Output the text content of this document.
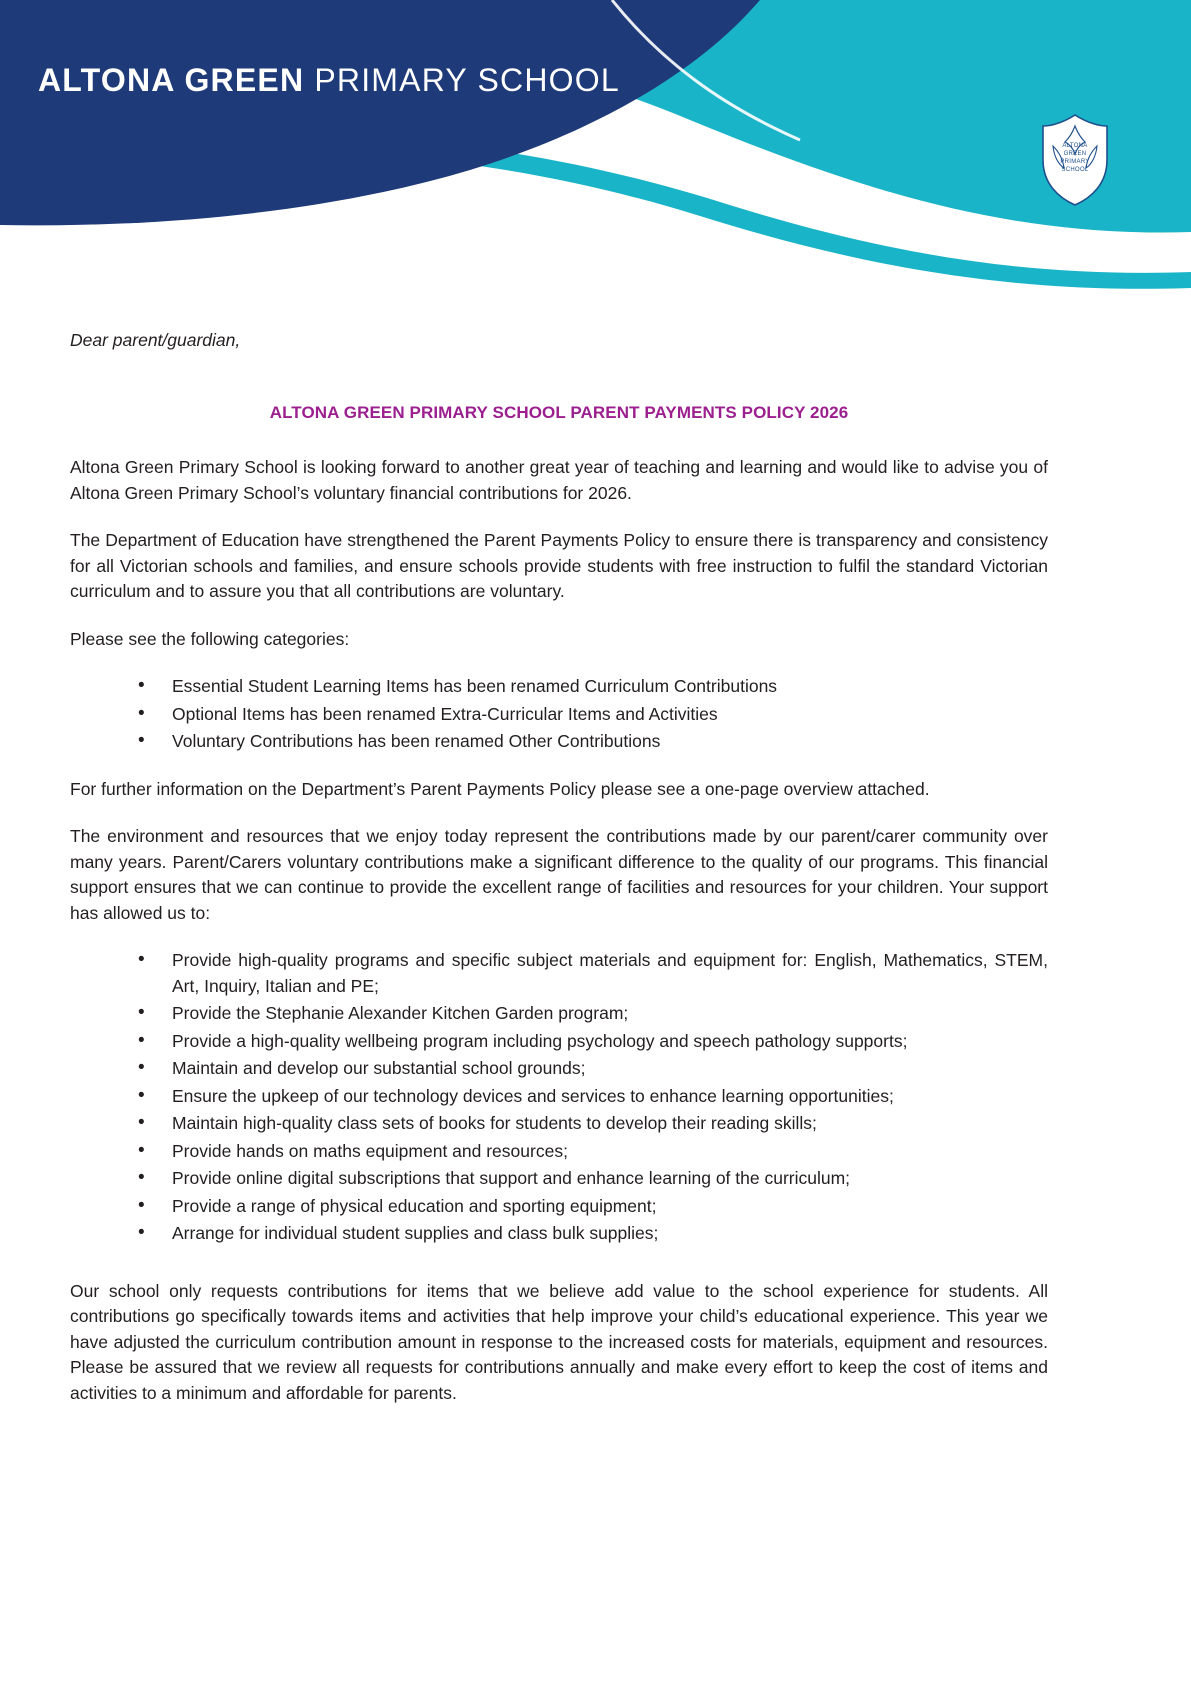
ALTONA GREEN PRIMARY SCHOOL
ALTONA
GREEN
PRIMARY
SCHOOL

Dear parent/guardian,

ALTONA GREEN PRIMARY SCHOOL PARENT PAYMENTS POLICY 2026

Altona Green Primary School is looking forward to another great year of teaching and learning and would like to advise you of Altona Green Primary School’s voluntary financial contributions for 2026.

The Department of Education have strengthened the Parent Payments Policy to ensure there is transparency and consistency for all Victorian schools and families, and ensure schools provide students with free instruction to fulfil the standard Victorian curriculum and to assure you that all contributions are voluntary.

Please see the following categories:

• Essential Student Learning Items has been renamed Curriculum Contributions
• Optional Items has been renamed Extra-Curricular Items and Activities
• Voluntary Contributions has been renamed Other Contributions

For further information on the Department’s Parent Payments Policy please see a one-page overview attached.

The environment and resources that we enjoy today represent the contributions made by our parent/carer community over many years. Parent/Carers voluntary contributions make a significant difference to the quality of our programs. This financial support ensures that we can continue to provide the excellent range of facilities and resources for your children. Your support has allowed us to:

• Provide high-quality programs and specific subject materials and equipment for: English, Mathematics, STEM, Art, Inquiry, Italian and PE;
• Provide the Stephanie Alexander Kitchen Garden program;
• Provide a high-quality wellbeing program including psychology and speech pathology supports;
• Maintain and develop our substantial school grounds;
• Ensure the upkeep of our technology devices and services to enhance learning opportunities;
• Maintain high-quality class sets of books for students to develop their reading skills;
• Provide hands on maths equipment and resources;
• Provide online digital subscriptions that support and enhance learning of the curriculum;
• Provide a range of physical education and sporting equipment;
• Arrange for individual student supplies and class bulk supplies;

Our school only requests contributions for items that we believe add value to the school experience for students. All contributions go specifically towards items and activities that help improve your child’s educational experience. This year we have adjusted the curriculum contribution amount in response to the increased costs for materials, equipment and resources. Please be assured that we review all requests for contributions annually and make every effort to keep the cost of items and activities to a minimum and affordable for parents.
